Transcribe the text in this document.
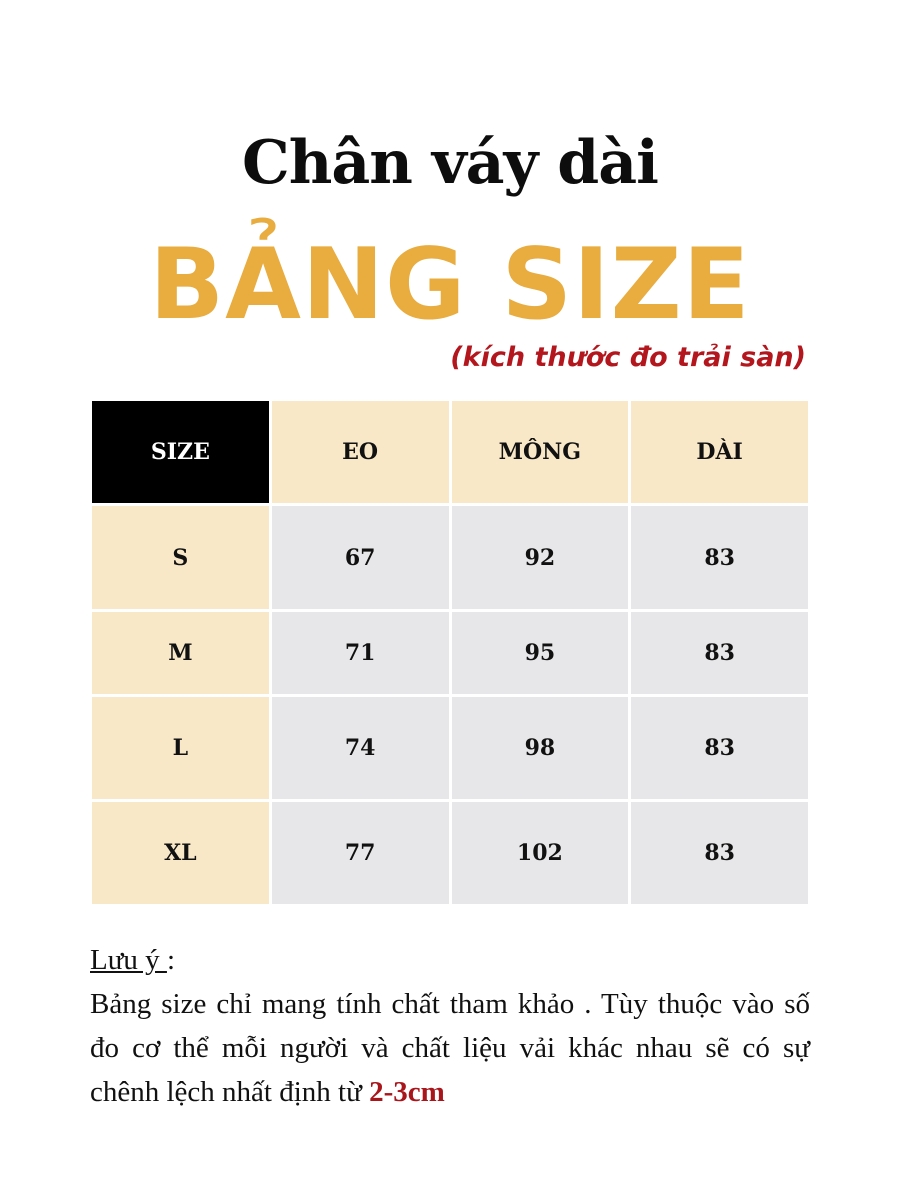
Chân váy dài
BẢNG SIZE
(kích thước đo trải sàn)
SIZE	EO	MÔNG	DÀI
S	67	92	83
M	71	95	83
L	74	98	83
XL	77	102	83
Lưu ý :
Bảng size chỉ mang tính chất tham khảo . Tùy thuộc vào số đo cơ thể mỗi người và chất liệu vải khác nhau sẽ có sự chênh lệch nhất định từ 2-3cm
